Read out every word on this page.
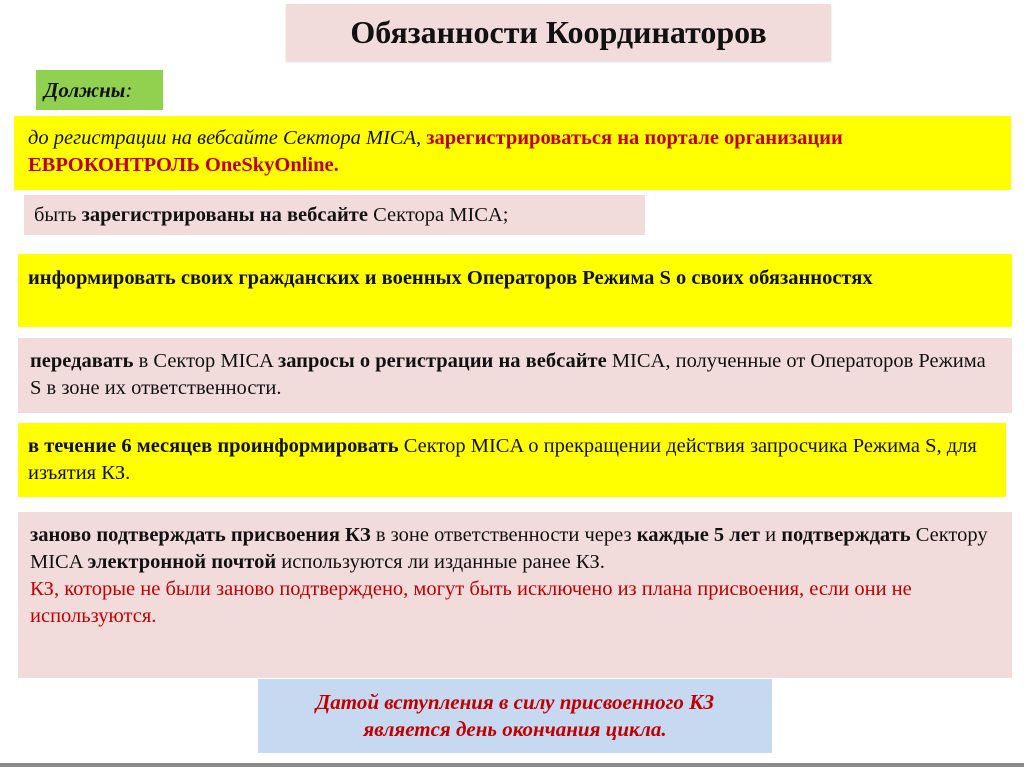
Обязанности Координаторов
Должны :
до регистрации на вебсайте Сектора MICA, зарегистрироваться на портале организации ЕВРОКОНТРОЛЬ OneSkyOnline.
быть зарегистрированы на вебсайте Сектора MICA;
информировать своих гражданских и военных Операторов Режима S о своих обязанностях
передавать в Сектор MICA запросы о регистрации на вебсайте MICA, полученные от Операторов Режима S в зоне их ответственности.
в течение 6 месяцев проинформировать Сектор MICA о прекращении действия запросчика Режима S, для изъятия КЗ.
заново подтверждать присвоения КЗ в зоне ответственности через каждые 5 лет и подтверждать Сектору MICA электронной почтой используются ли изданные ранее КЗ.
КЗ, которые не были заново подтверждено, могут быть исключено из плана присвоения, если они не используются.
Датой вступления в силу присвоенного КЗ является день окончания цикла.
